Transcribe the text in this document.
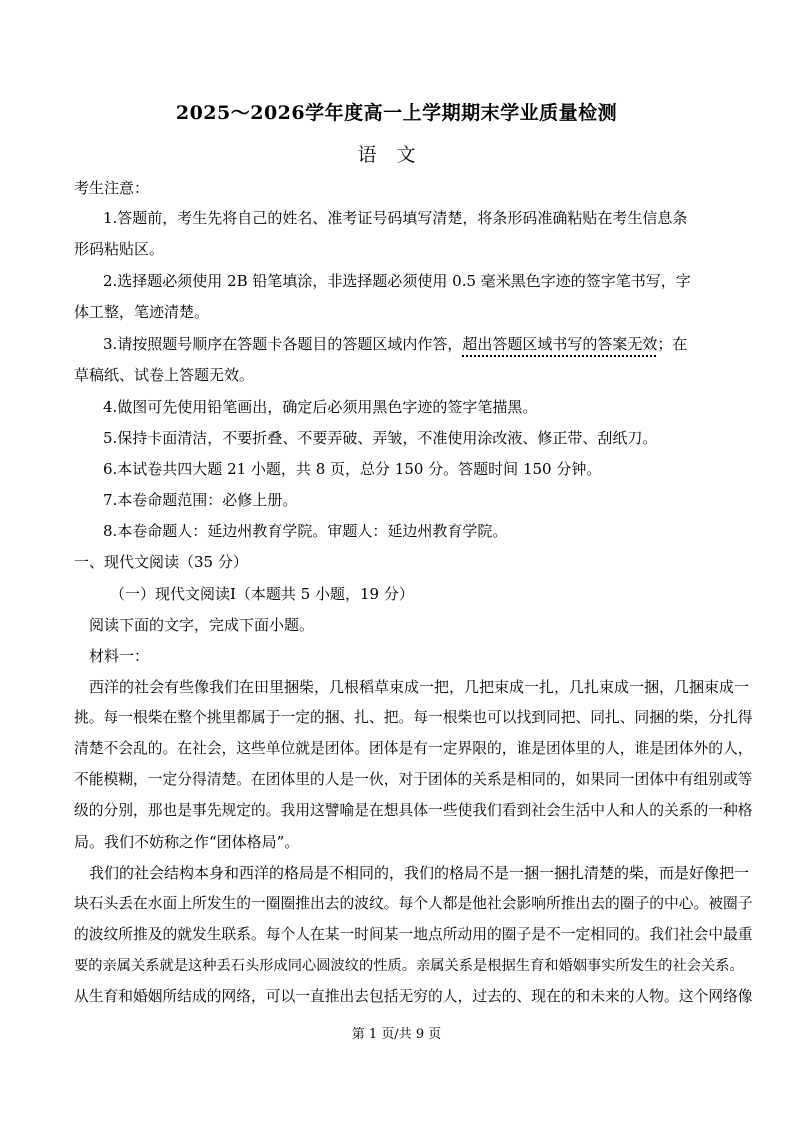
2025～2026学年度高一上学期期末学业质量检测
语文
考生注意：
1.答题前，考生先将自己的姓名、准考证号码填写清楚，将条形码准确粘贴在考生信息条
形码粘贴区。
2.选择题必须使用 2B 铅笔填涂，非选择题必须使用 0.5 毫米黑色字迹的签字笔书写，字
体工整，笔迹清楚。
3.请按照题号顺序在答题卡各题目的答题区域内作答，超出答题区域书写的答案无效；在
草稿纸、试卷上答题无效。
4.做图可先使用铅笔画出，确定后必须用黑色字迹的签字笔描黑。
5.保持卡面清洁，不要折叠、不要弄破、弄皱，不准使用涂改液、修正带、刮纸刀。
6.本试卷共四大题 21 小题，共 8 页，总分 150 分。答题时间 150 分钟。
7.本卷命题范围：必修上册。
8.本卷命题人：延边州教育学院。审题人：延边州教育学院。
一、现代文阅读（35 分）
（一）现代文阅读Ⅰ（本题共 5 小题，19 分）
阅读下面的文字，完成下面小题。
材料一：
西洋的社会有些像我们在田里捆柴，几根稻草束成一把，几把束成一扎，几扎束成一捆，几捆束成一
挑。每一根柴在整个挑里都属于一定的捆、扎、把。每一根柴也可以找到同把、同扎、同捆的柴，分扎得
清楚不会乱的。在社会，这些单位就是团体。团体是有一定界限的，谁是团体里的人，谁是团体外的人，
不能模糊，一定分得清楚。在团体里的人是一伙，对于团体的关系是相同的，如果同一团体中有组别或等
级的分别，那也是事先规定的。我用这譬喻是在想具体一些使我们看到社会生活中人和人的关系的一种格
局。我们不妨称之作“团体格局”。
我们的社会结构本身和西洋的格局是不相同的，我们的格局不是一捆一捆扎清楚的柴，而是好像把一
块石头丢在水面上所发生的一圈圈推出去的波纹。每个人都是他社会影响所推出去的圈子的中心。被圈子
的波纹所推及的就发生联系。每个人在某一时间某一地点所动用的圈子是不一定相同的。我们社会中最重
要的亲属关系就是这种丢石头形成同心圆波纹的性质。亲属关系是根据生育和婚姻事实所发生的社会关系。
从生育和婚姻所结成的网络，可以一直推出去包括无穷的人，过去的、现在的和未来的人物。这个网络像
第 1 页/共 9 页
